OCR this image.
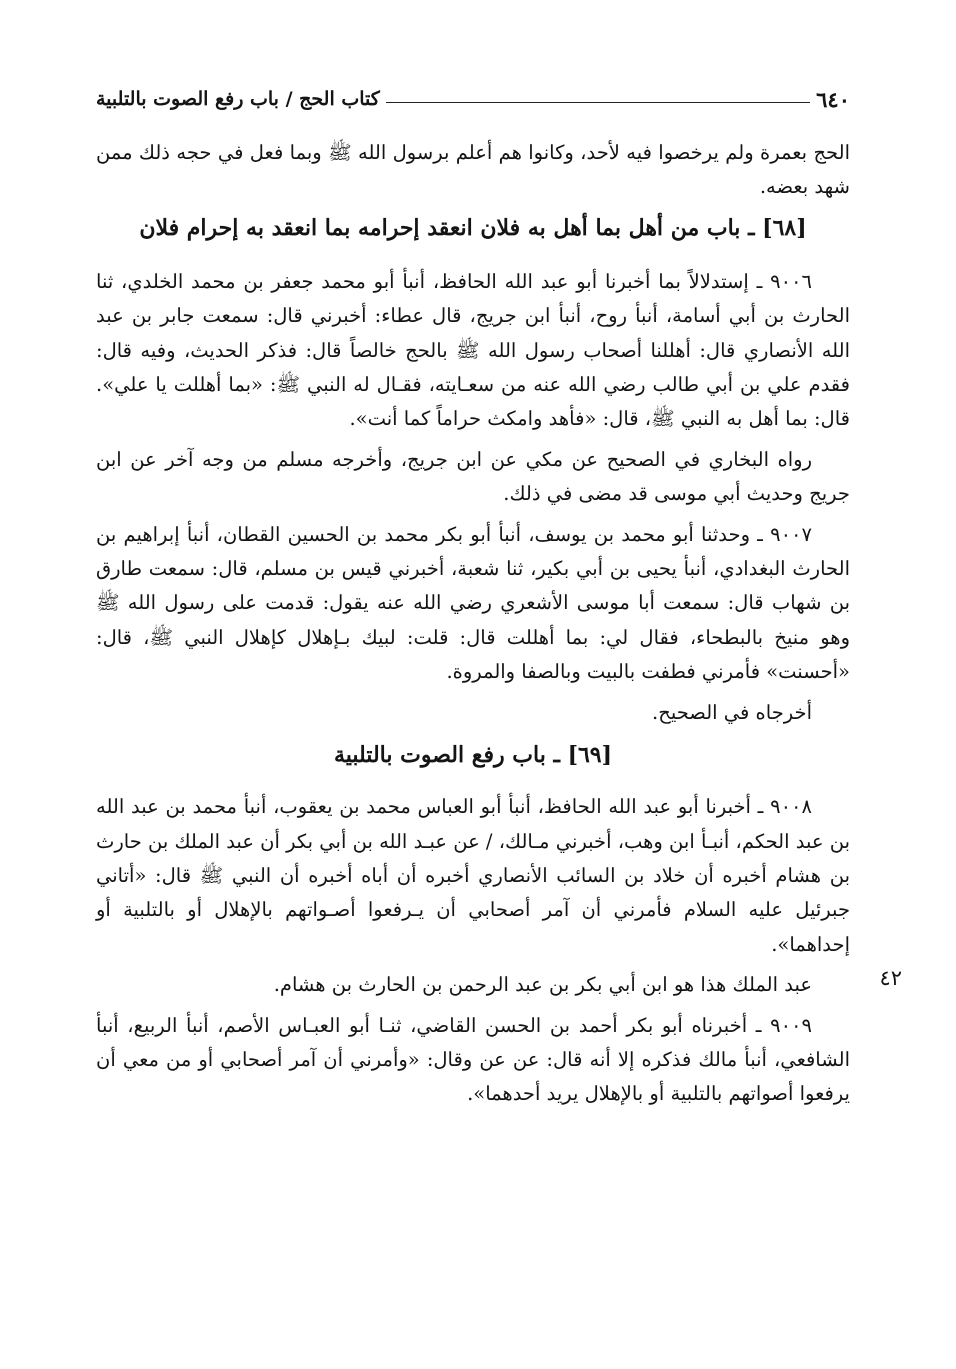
٦٤٠
كتاب الحج / باب رفع الصوت بالتلبية
٤٢

الحج بعمرة ولم يرخصوا فيه لأحد، وكانوا هم أعلم برسول الله ﷺ وبما فعل في حجه ذلك ممن شهد بعضه.

[٦٨] ـ باب من أهل بما أهل به فلان انعقد إحرامه بما انعقد به إحرام فلان

٩٠٠٦ ـ إستدلالاً بما أخبرنا أبو عبد الله الحافظ، أنبأ أبو محمد جعفر بن محمد الخلدي، ثنا الحارث بن أبي أسامة، أنبأ روح، أنبأ ابن جريج، قال عطاء: أخبرني قال: سمعت جابر بن عبد الله الأنصاري قال: أهللنا أصحاب رسول الله ﷺ بالحج خالصاً قال: فذكر الحديث، وفيه قال: فقدم علي بن أبي طالب رضي الله عنه من سعـايته، فقـال له النبي ﷺ: «بما أهللت يا علي». قال: بما أهل به النبي ﷺ، قال: «فأهد وامكث حراماً كما أنت».

رواه البخاري في الصحيح عن مكي عن ابن جريج، وأخرجه مسلم من وجه آخر عن ابن جريج وحديث أبي موسى قد مضى في ذلك.

٩٠٠٧ ـ وحدثنا أبو محمد بن يوسف، أنبأ أبو بكر محمد بن الحسين القطان، أنبأ إبراهيم بن الحارث البغدادي، أنبأ يحيى بن أبي بكير، ثنا شعبة، أخبرني قيس بن مسلم، قال: سمعت طارق بن شهاب قال: سمعت أبا موسى الأشعري رضي الله عنه يقول: قدمت على رسول الله ﷺ وهو منيخ بالبطحاء، فقال لي: بما أهللت قال: قلت: لبيك بـإهلال كإهلال النبي ﷺ، قال: «أحسنت» فأمرني فطفت بالبيت وبالصفا والمروة.

أخرجاه في الصحيح.

[٦٩] ـ باب رفع الصوت بالتلبية

٩٠٠٨ ـ أخبرنا أبو عبد الله الحافظ، أنبأ أبو العباس محمد بن يعقوب، أنبأ محمد بن عبد الله بن عبد الحكم، أنبـأ ابن وهب، أخبرني مـالك، / عن عبـد الله بن أبي بكر أن عبد الملك بن حارث بن هشام أخبره أن خلاد بن السائب الأنصاري أخبره أن أباه أخبره أن النبي ﷺ قال: «أتاني جبرئيل عليه السلام فأمرني أن آمر أصحابي أن يـرفعوا أصـواتهم بالإهلال أو بالتلبية أو إحداهما».

عبد الملك هذا هو ابن أبي بكر بن عبد الرحمن بن الحارث بن هشام.

٩٠٠٩ ـ أخبرناه أبو بكر أحمد بن الحسن القاضي، ثنـا أبو العبـاس الأصم، أنبأ الربيع، أنبأ الشافعي، أنبأ مالك فذكره إلا أنه قال: عن عن وقال: «وأمرني أن آمر أصحابي أو من معي أن يرفعوا أصواتهم بالتلبية أو بالإهلال يريد أحدهما».
